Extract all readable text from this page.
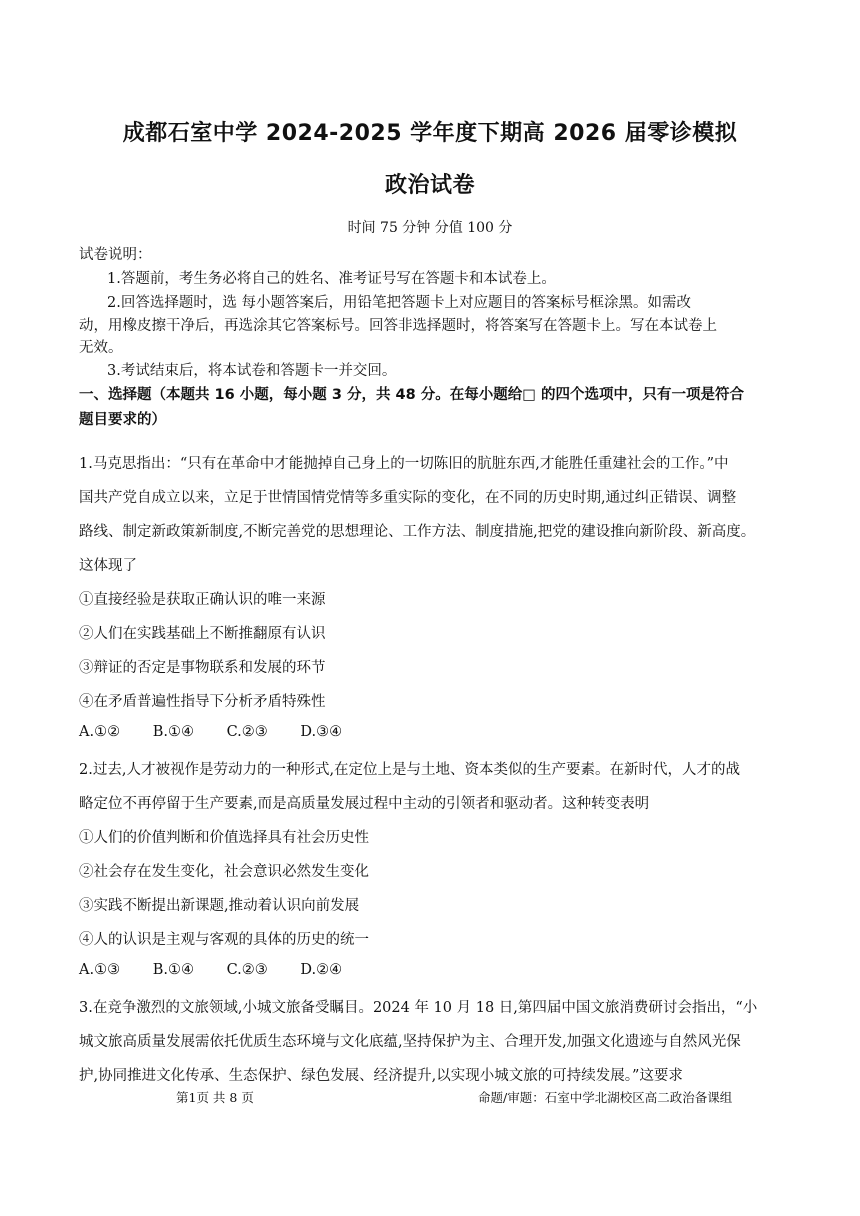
成都石室中学 2024-2025 学年度下期高 2026 届零诊模拟
政治试卷
时间 75 分钟 分值 100 分
试卷说明：
1.答题前，考生务必将自己的姓名、准考证号写在答题卡和本试卷上。
2.回答选择题时，选 每小题答案后，用铅笔把答题卡上对应题目的答案标号框涂黑。如需改
动，用橡皮擦干净后，再选涂其它答案标号。回答非选择题时，将答案写在答题卡上。写在本试卷上
无效。
3.考试结束后，将本试卷和答题卡一并交回。
一、选择题（本题共 16 小题，每小题 3 分，共 48 分。在每小题给□ 的四个选项中，只有一项是符合
题目要求的）
1.马克思指出：“只有在革命中才能抛掉自己身上的一切陈旧的肮脏东西,才能胜任重建社会的工作。”中
国共产党自成立以来，立足于世情国情党情等多重实际的变化，在不同的历史时期,通过纠正错误、调整
路线、制定新政策新制度,不断完善党的思想理论、工作方法、制度措施,把党的建设推向新阶段、新高度。
这体现了
①直接经验是获取正确认识的唯一来源
②人们在实践基础上不断推翻原有认识
③辩证的否定是事物联系和发展的环节
④在矛盾普遍性指导下分析矛盾特殊性
A.①② B.①④ C.②③ D.③④
2.过去,人才被视作是劳动力的一种形式,在定位上是与土地、资本类似的生产要素。在新时代，人才的战
略定位不再停留于生产要素,而是高质量发展过程中主动的引领者和驱动者。这种转变表明
①人们的价值判断和价值选择具有社会历史性
②社会存在发生变化，社会意识必然发生变化
③实践不断提出新课题,推动着认识向前发展
④人的认识是主观与客观的具体的历史的统一
A.①③ B.①④ C.②③ D.②④
3.在竞争激烈的文旅领域,小城文旅备受瞩目。2024 年 10 月 18 日,第四届中国文旅消费研讨会指出，“小
城文旅高质量发展需依托优质生态环境与文化底蕴,坚持保护为主、合理开发,加强文化遗迹与自然风光保
护,协同推进文化传承、生态保护、绿色发展、经济提升,以实现小城文旅的可持续发展。”这要求
第1页 共 8 页	命题/审题：石室中学北湖校区高二政治备课组
